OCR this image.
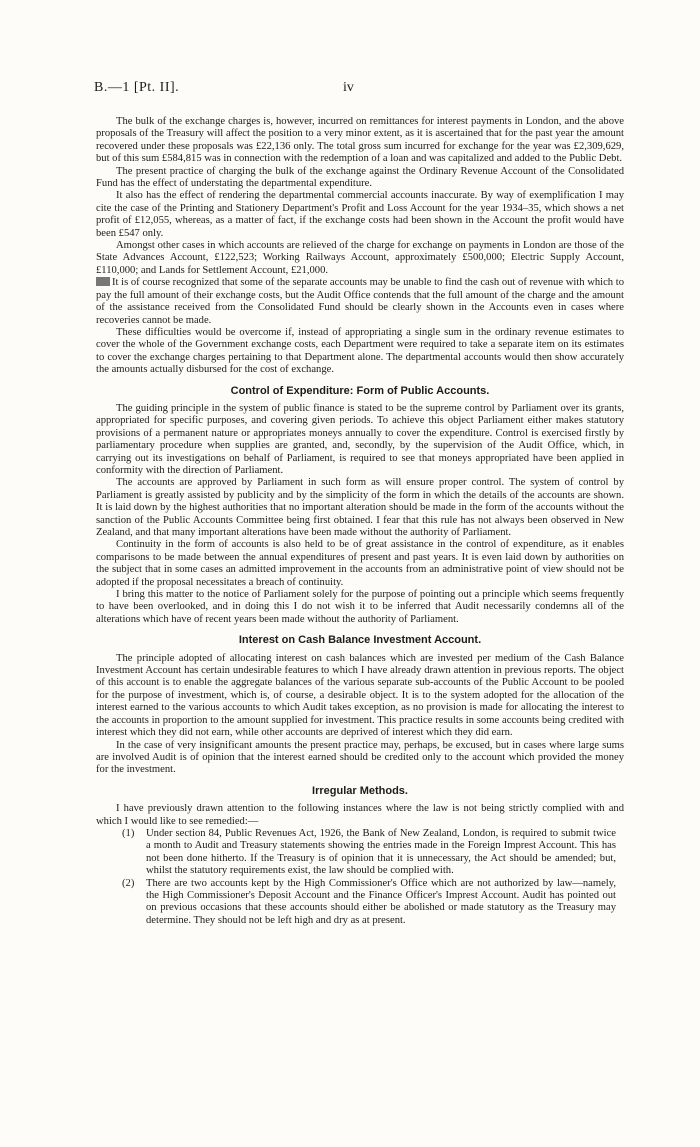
B.—1 [Pt. II].	iv

The bulk of the exchange charges is, however, incurred on remittances for interest payments in London, and the above proposals of the Treasury will affect the position to a very minor extent, as it is ascertained that for the past year the amount recovered under these proposals was £22,136 only. The total gross sum incurred for exchange for the year was £2,309,629, but of this sum £584,815 was in connection with the redemption of a loan and was capitalized and added to the Public Debt.

The present practice of charging the bulk of the exchange against the Ordinary Revenue Account of the Consolidated Fund has the effect of understating the departmental expenditure.

It also has the effect of rendering the departmental commercial accounts inaccurate. By way of exemplification I may cite the case of the Printing and Stationery Department's Profit and Loss Account for the year 1934–35, which shows a net profit of £12,055, whereas, as a matter of fact, if the exchange costs had been shown in the Account the profit would have been £547 only.

Amongst other cases in which accounts are relieved of the charge for exchange on payments in London are those of the State Advances Account, £122,523; Working Railways Account, approximately £500,000; Electric Supply Account, £110,000; and Lands for Settlement Account, £21,000.

It is of course recognized that some of the separate accounts may be unable to find the cash out of revenue with which to pay the full amount of their exchange costs, but the Audit Office contends that the full amount of the charge and the amount of the assistance received from the Consolidated Fund should be clearly shown in the Accounts even in cases where recoveries cannot be made.

These difficulties would be overcome if, instead of appropriating a single sum in the ordinary revenue estimates to cover the whole of the Government exchange costs, each Department were required to take a separate item on its estimates to cover the exchange charges pertaining to that Department alone. The departmental accounts would then show accurately the amounts actually disbursed for the cost of exchange.

Control of Expenditure: Form of Public Accounts.

The guiding principle in the system of public finance is stated to be the supreme control by Parliament over its grants, appropriated for specific purposes, and covering given periods. To achieve this object Parliament either makes statutory provisions of a permanent nature or appropriates moneys annually to cover the expenditure. Control is exercised firstly by parliamentary procedure when supplies are granted, and, secondly, by the supervision of the Audit Office, which, in carrying out its investigations on behalf of Parliament, is required to see that moneys appropriated have been applied in conformity with the direction of Parliament.

The accounts are approved by Parliament in such form as will ensure proper control. The system of control by Parliament is greatly assisted by publicity and by the simplicity of the form in which the details of the accounts are shown. It is laid down by the highest authorities that no important alteration should be made in the form of the accounts without the sanction of the Public Accounts Committee being first obtained. I fear that this rule has not always been observed in New Zealand, and that many important alterations have been made without the authority of Parliament.

Continuity in the form of accounts is also held to be of great assistance in the control of expenditure, as it enables comparisons to be made between the annual expenditures of present and past years. It is even laid down by authorities on the subject that in some cases an admitted improvement in the accounts from an administrative point of view should not be adopted if the proposal necessitates a breach of continuity.

I bring this matter to the notice of Parliament solely for the purpose of pointing out a principle which seems frequently to have been overlooked, and in doing this I do not wish it to be inferred that Audit necessarily condemns all of the alterations which have of recent years been made without the authority of Parliament.

Interest on Cash Balance Investment Account.

The principle adopted of allocating interest on cash balances which are invested per medium of the Cash Balance Investment Account has certain undesirable features to which I have already drawn attention in previous reports. The object of this account is to enable the aggregate balances of the various separate sub-accounts of the Public Account to be pooled for the purpose of investment, which is, of course, a desirable object. It is to the system adopted for the allocation of the interest earned to the various accounts to which Audit takes exception, as no provision is made for allocating the interest to the accounts in proportion to the amount supplied for investment. This practice results in some accounts being credited with interest which they did not earn, while other accounts are deprived of interest which they did earn.

In the case of very insignificant amounts the present practice may, perhaps, be excused, but in cases where large sums are involved Audit is of opinion that the interest earned should be credited only to the account which provided the money for the investment.

Irregular Methods.

I have previously drawn attention to the following instances where the law is not being strictly complied with and which I would like to see remedied:—

(1) Under section 84, Public Revenues Act, 1926, the Bank of New Zealand, London, is required to submit twice a month to Audit and Treasury statements showing the entries made in the Foreign Imprest Account. This has not been done hitherto. If the Treasury is of opinion that it is unnecessary, the Act should be amended; but, whilst the statutory requirements exist, the law should be complied with.
(2) There are two accounts kept by the High Commissioner's Office which are not authorized by law—namely, the High Commissioner's Deposit Account and the Finance Officer's Imprest Account. Audit has pointed out on previous occasions that these accounts should either be abolished or made statutory as the Treasury may determine. They should not be left high and dry as at present.
